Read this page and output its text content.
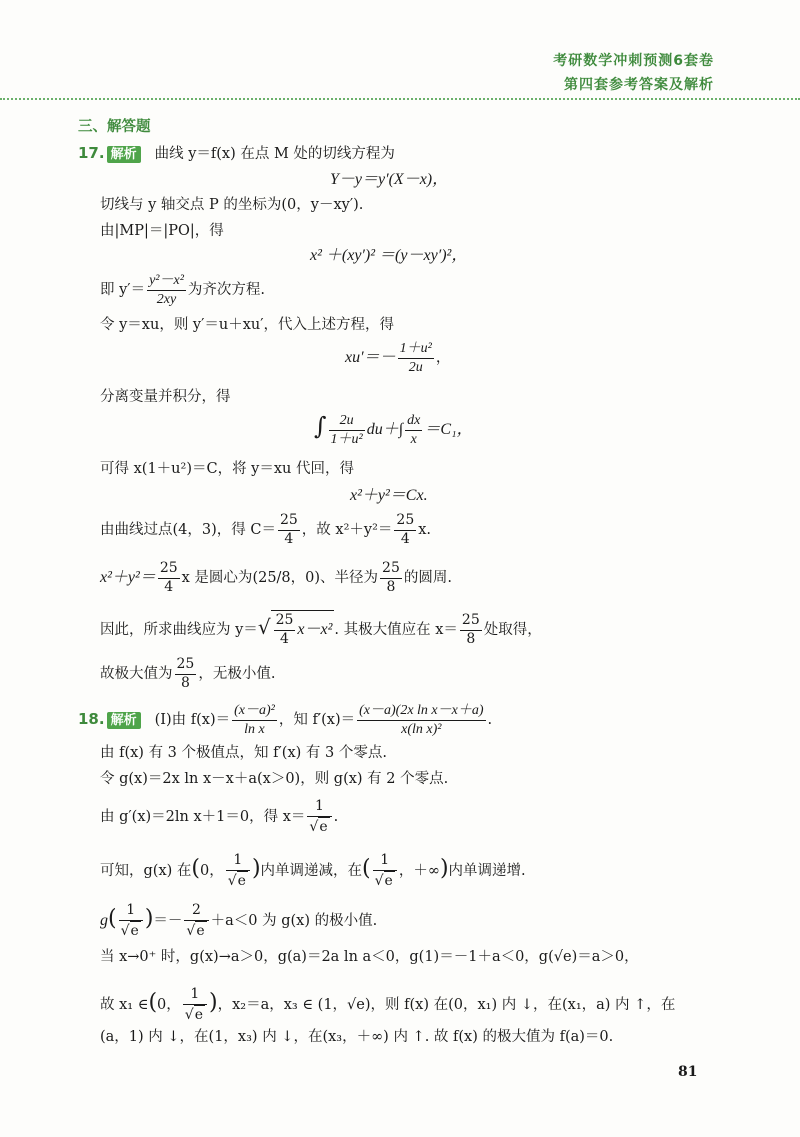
考研数学冲刺预测6套卷
第四套参考答案及解析
三、解答题
17. 解析 曲线 y＝f(x) 在点 M 处的切线方程为
Y－y＝y′(X－x)，
切线与 y 轴交点 P 的坐标为(0，y－xy′).
由|MP|＝|PO|，得
x² ＋(xy′)² ＝(y－xy′)²，
即 $y'= \frac{\text{y²－x²}}{2xy}$ 为齐次方程.
令 y＝xu，则 y′＝u＋xu′，代入上述方程，得
$xu'=- \frac{\text{1＋u²}}{2u}$ ，
分离变量并积分，得
∫ $\frac{2u}{\text{1＋u²}} du+\int \frac{dx}{x} =C_1$，
可得 x(1＋u²)＝C，将 y＝xu 代回，得
x²＋y²＝Cx.
由曲线过点(4，3)，得 $C= \frac{25}{4}$ ，故 $x^2+y^2= \frac{25}{4} x$.
$x^2+y^2= \frac{25}{4}$ x 是圆心为(25/8，0)、半径为 $\frac{25}{8}$ 的圆周.
因此，所求曲线应为 $y=√ \frac{25}{4} x-x^2$ . 其极大值应在 $x= \frac{25}{8}$ 处取得，
故极大值为 $\frac{25}{8}$ ，无极小值.
18. 解析 (Ⅰ)由 $f(x)= \frac{\text{(x－a)²}}{\text{ln x}}$ ，知 $f'(x)= \frac{\text{(x－a)(2x ln x－x＋a)}}{\text{x(ln x)²}}$ .
由 f(x) 有 3 个极值点，知 f′(x) 有 3 个零点.
令 g(x)＝2x ln x－x＋a(x＞0)，则 g(x) 有 2 个零点.
由 g′(x)＝2ln x＋1＝0，得 $x= \frac{1}{√e}$ .
可知，g(x) 在(0， $\frac{1}{√e}$ )内单调递减，在( $\frac{1}{√e}$ ，＋∞)内单调递增.
$g( \frac{1}{√e}$ )＝－ $\frac{2}{√e} +a<0$ 为 g(x) 的极小值.
当 x→0⁺ 时，g(x)→a＞0，g(a)＝2a ln a＜0，g(1)＝－1＋a＜0，g(√e)＝a＞0，
故 x₁ ∈(0， $\frac{1}{√e}$ )，x₂＝a，x₃ ∈ (1，√e)，则 f(x) 在(0，x₁) 内 ↓，在(x₁，a) 内 ↑，在
(a，1) 内 ↓，在(1，x₃) 内 ↓，在(x₃，＋∞) 内 ↑. 故 f(x) 的极大值为 f(a)＝0.
81
